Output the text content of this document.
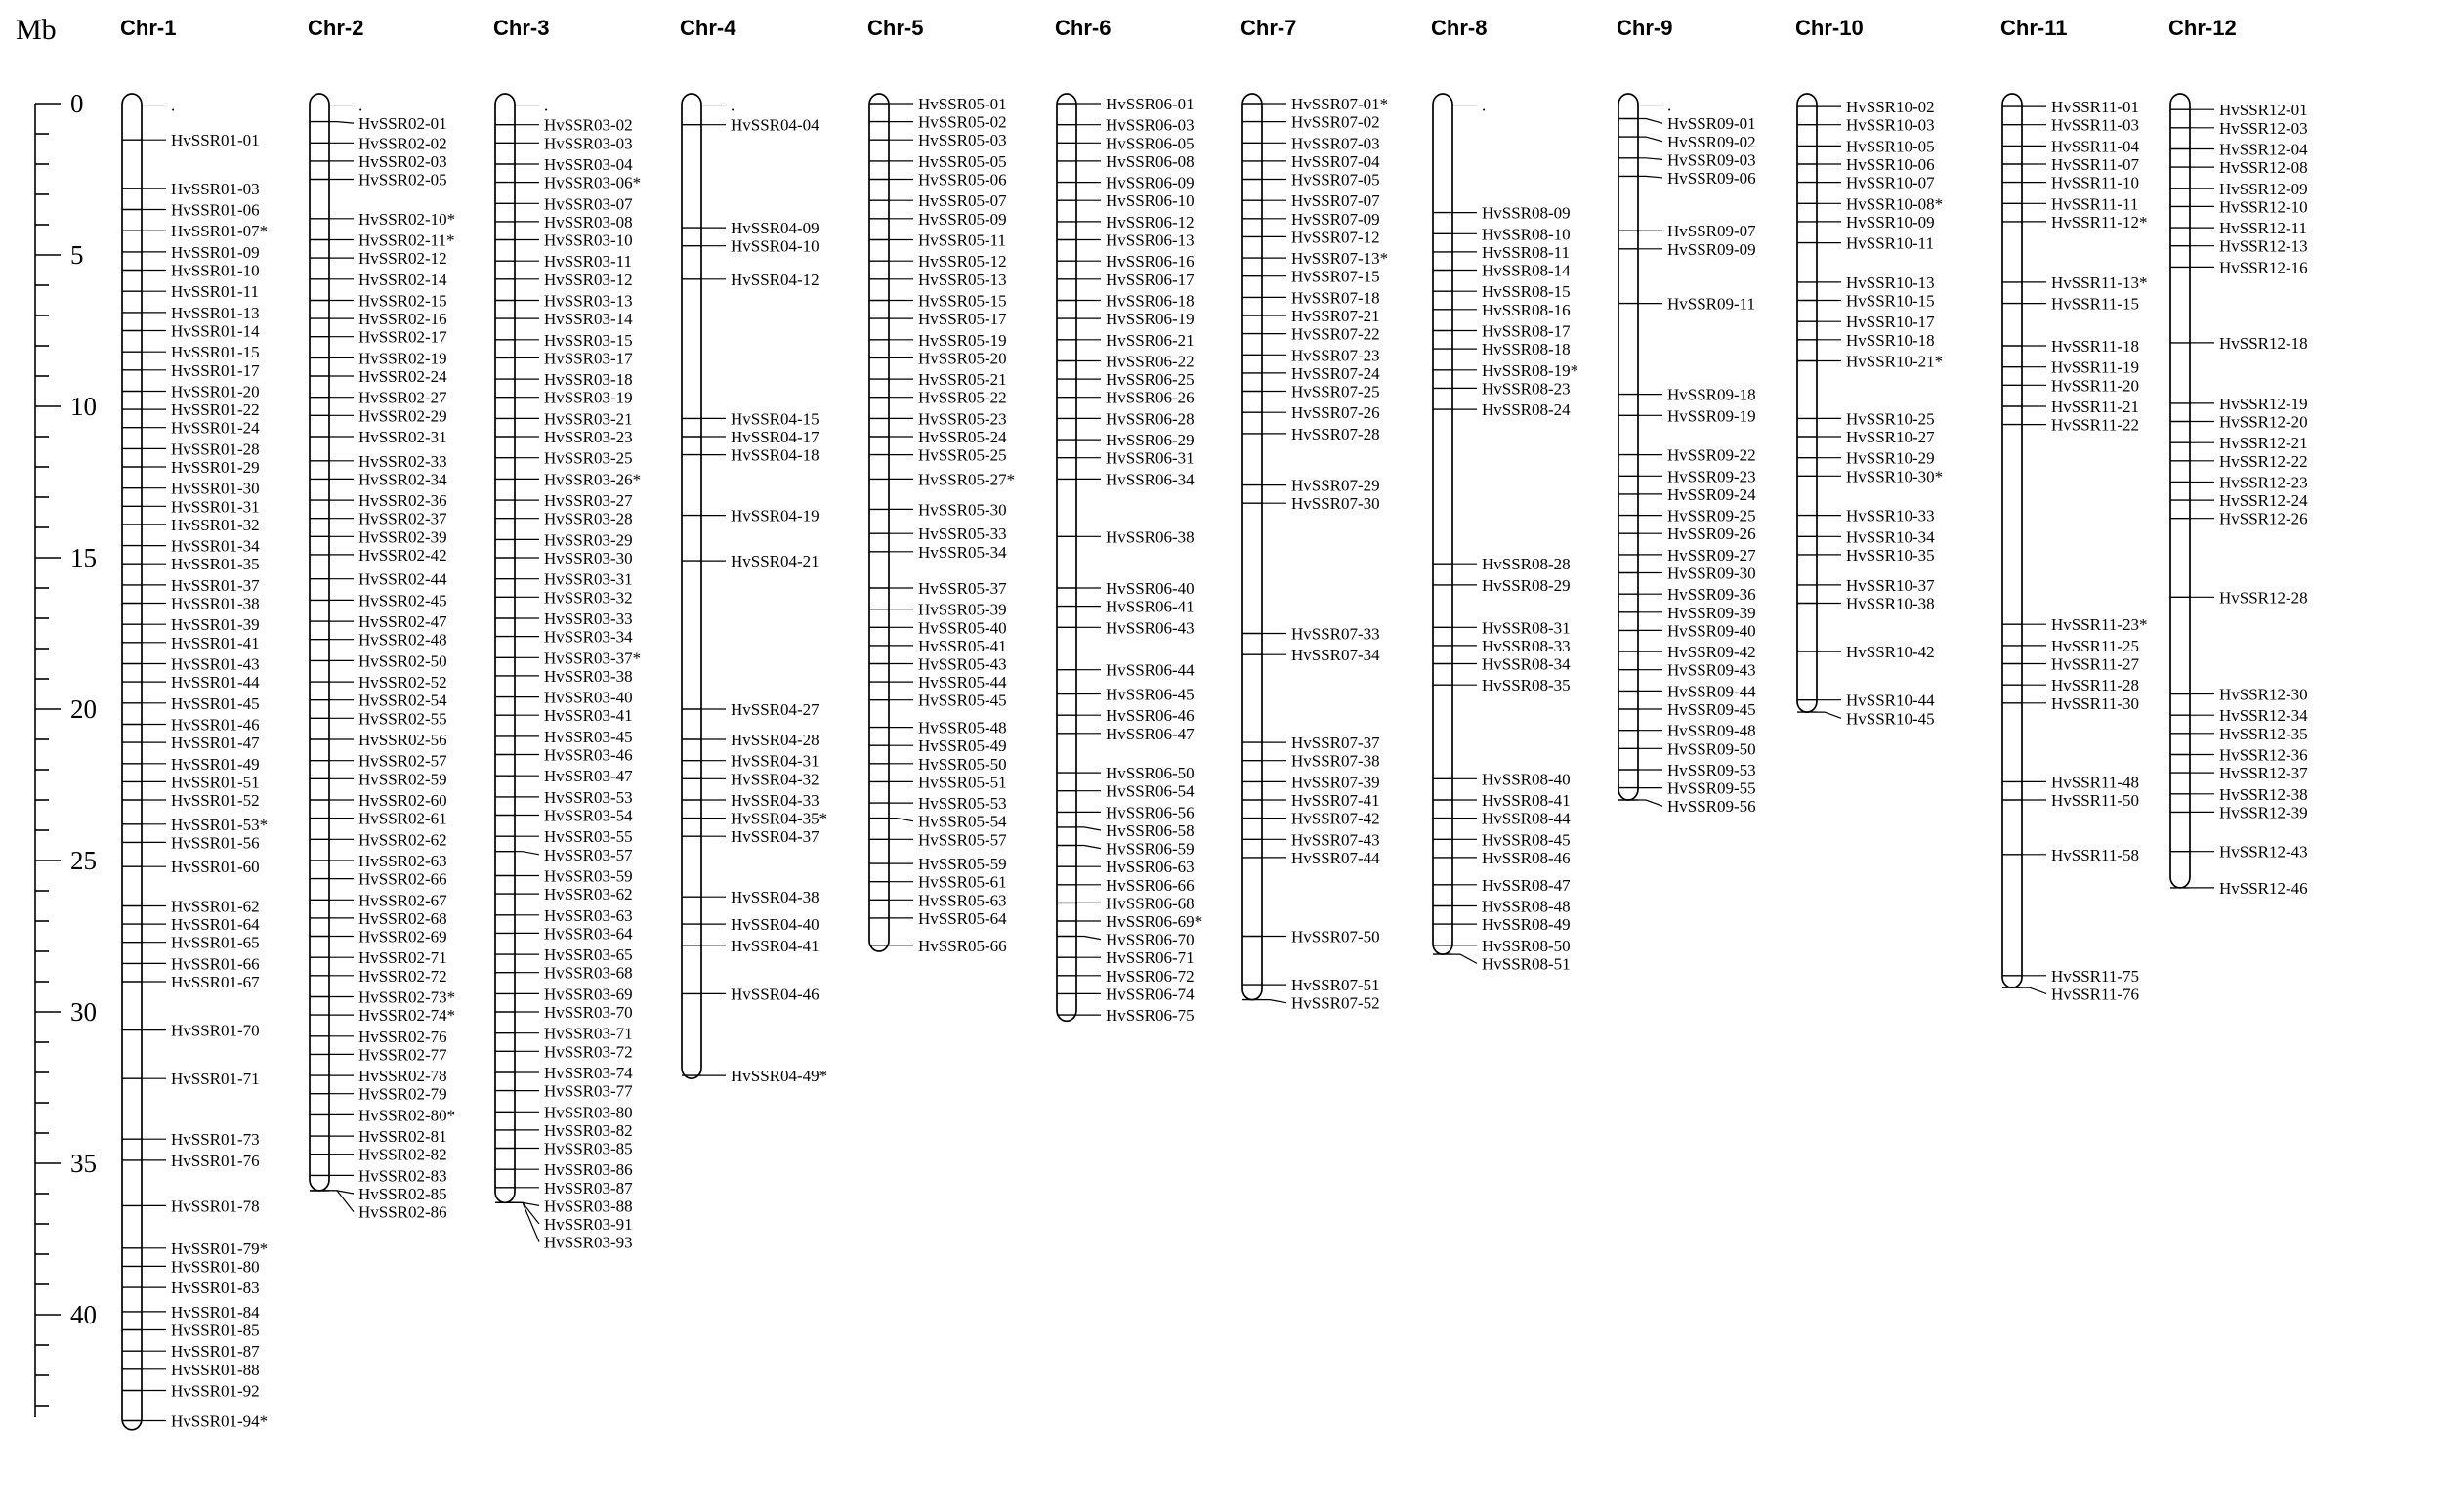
Mb	Chr-1	Chr-2	Chr-3	Chr-4	Chr-5	Chr-6	Chr-7	Chr-8	Chr-9	Chr-10	Chr-11	Chr-12
0
5
10
15
20
25
30
35
40
.
HvSSR01-01
HvSSR01-03
HvSSR01-06
HvSSR01-07*
HvSSR01-09
HvSSR01-10
HvSSR01-11
HvSSR01-13
HvSSR01-14
HvSSR01-15
HvSSR01-17
HvSSR01-20
HvSSR01-22
HvSSR01-24
HvSSR01-28
HvSSR01-29
HvSSR01-30
HvSSR01-31
HvSSR01-32
HvSSR01-34
HvSSR01-35
HvSSR01-37
HvSSR01-38
HvSSR01-39
HvSSR01-41
HvSSR01-43
HvSSR01-44
HvSSR01-45
HvSSR01-46
HvSSR01-47
HvSSR01-49
HvSSR01-51
HvSSR01-52
HvSSR01-53*
HvSSR01-56
HvSSR01-60
HvSSR01-62
HvSSR01-64
HvSSR01-65
HvSSR01-66
HvSSR01-67
HvSSR01-70
HvSSR01-71
HvSSR01-73
HvSSR01-76
HvSSR01-78
HvSSR01-79*
HvSSR01-80
HvSSR01-83
HvSSR01-84
HvSSR01-85
HvSSR01-87
HvSSR01-88
HvSSR01-92
HvSSR01-94*
.
HvSSR02-01
HvSSR02-02
HvSSR02-03
HvSSR02-05
HvSSR02-10*
HvSSR02-11*
HvSSR02-12
HvSSR02-14
HvSSR02-15
HvSSR02-16
HvSSR02-17
HvSSR02-19
HvSSR02-24
HvSSR02-27
HvSSR02-29
HvSSR02-31
HvSSR02-33
HvSSR02-34
HvSSR02-36
HvSSR02-37
HvSSR02-39
HvSSR02-42
HvSSR02-44
HvSSR02-45
HvSSR02-47
HvSSR02-48
HvSSR02-50
HvSSR02-52
HvSSR02-54
HvSSR02-55
HvSSR02-56
HvSSR02-57
HvSSR02-59
HvSSR02-60
HvSSR02-61
HvSSR02-62
HvSSR02-63
HvSSR02-66
HvSSR02-67
HvSSR02-68
HvSSR02-69
HvSSR02-71
HvSSR02-72
HvSSR02-73*
HvSSR02-74*
HvSSR02-76
HvSSR02-77
HvSSR02-78
HvSSR02-79
HvSSR02-80*
HvSSR02-81
HvSSR02-82
HvSSR02-83
HvSSR02-85
HvSSR02-86
.
HvSSR03-02
HvSSR03-03
HvSSR03-04
HvSSR03-06*
HvSSR03-07
HvSSR03-08
HvSSR03-10
HvSSR03-11
HvSSR03-12
HvSSR03-13
HvSSR03-14
HvSSR03-15
HvSSR03-17
HvSSR03-18
HvSSR03-19
HvSSR03-21
HvSSR03-23
HvSSR03-25
HvSSR03-26*
HvSSR03-27
HvSSR03-28
HvSSR03-29
HvSSR03-30
HvSSR03-31
HvSSR03-32
HvSSR03-33
HvSSR03-34
HvSSR03-37*
HvSSR03-38
HvSSR03-40
HvSSR03-41
HvSSR03-45
HvSSR03-46
HvSSR03-47
HvSSR03-53
HvSSR03-54
HvSSR03-55
HvSSR03-57
HvSSR03-59
HvSSR03-62
HvSSR03-63
HvSSR03-64
HvSSR03-65
HvSSR03-68
HvSSR03-69
HvSSR03-70
HvSSR03-71
HvSSR03-72
HvSSR03-74
HvSSR03-77
HvSSR03-80
HvSSR03-82
HvSSR03-85
HvSSR03-86
HvSSR03-87
HvSSR03-88
HvSSR03-91
HvSSR03-93
.
HvSSR04-04
HvSSR04-09
HvSSR04-10
HvSSR04-12
HvSSR04-15
HvSSR04-17
HvSSR04-18
HvSSR04-19
HvSSR04-21
HvSSR04-27
HvSSR04-28
HvSSR04-31
HvSSR04-32
HvSSR04-33
HvSSR04-35*
HvSSR04-37
HvSSR04-38
HvSSR04-40
HvSSR04-41
HvSSR04-46
HvSSR04-49*
HvSSR05-01
HvSSR05-02
HvSSR05-03
HvSSR05-05
HvSSR05-06
HvSSR05-07
HvSSR05-09
HvSSR05-11
HvSSR05-12
HvSSR05-13
HvSSR05-15
HvSSR05-17
HvSSR05-19
HvSSR05-20
HvSSR05-21
HvSSR05-22
HvSSR05-23
HvSSR05-24
HvSSR05-25
HvSSR05-27*
HvSSR05-30
HvSSR05-33
HvSSR05-34
HvSSR05-37
HvSSR05-39
HvSSR05-40
HvSSR05-41
HvSSR05-43
HvSSR05-44
HvSSR05-45
HvSSR05-48
HvSSR05-49
HvSSR05-50
HvSSR05-51
HvSSR05-53
HvSSR05-54
HvSSR05-57
HvSSR05-59
HvSSR05-61
HvSSR05-63
HvSSR05-64
HvSSR05-66
HvSSR06-01
HvSSR06-03
HvSSR06-05
HvSSR06-08
HvSSR06-09
HvSSR06-10
HvSSR06-12
HvSSR06-13
HvSSR06-16
HvSSR06-17
HvSSR06-18
HvSSR06-19
HvSSR06-21
HvSSR06-22
HvSSR06-25
HvSSR06-26
HvSSR06-28
HvSSR06-29
HvSSR06-31
HvSSR06-34
HvSSR06-38
HvSSR06-40
HvSSR06-41
HvSSR06-43
HvSSR06-44
HvSSR06-45
HvSSR06-46
HvSSR06-47
HvSSR06-50
HvSSR06-54
HvSSR06-56
HvSSR06-58
HvSSR06-59
HvSSR06-63
HvSSR06-66
HvSSR06-68
HvSSR06-69*
HvSSR06-70
HvSSR06-71
HvSSR06-72
HvSSR06-74
HvSSR06-75
HvSSR07-01*
HvSSR07-02
HvSSR07-03
HvSSR07-04
HvSSR07-05
HvSSR07-07
HvSSR07-09
HvSSR07-12
HvSSR07-13*
HvSSR07-15
HvSSR07-18
HvSSR07-21
HvSSR07-22
HvSSR07-23
HvSSR07-24
HvSSR07-25
HvSSR07-26
HvSSR07-28
HvSSR07-29
HvSSR07-30
HvSSR07-33
HvSSR07-34
HvSSR07-37
HvSSR07-38
HvSSR07-39
HvSSR07-41
HvSSR07-42
HvSSR07-43
HvSSR07-44
HvSSR07-50
HvSSR07-51
HvSSR07-52
.
HvSSR08-09
HvSSR08-10
HvSSR08-11
HvSSR08-14
HvSSR08-15
HvSSR08-16
HvSSR08-17
HvSSR08-18
HvSSR08-19*
HvSSR08-23
HvSSR08-24
HvSSR08-28
HvSSR08-29
HvSSR08-31
HvSSR08-33
HvSSR08-34
HvSSR08-35
HvSSR08-40
HvSSR08-41
HvSSR08-44
HvSSR08-45
HvSSR08-46
HvSSR08-47
HvSSR08-48
HvSSR08-49
HvSSR08-50
HvSSR08-51
.
HvSSR09-01
HvSSR09-02
HvSSR09-03
HvSSR09-06
HvSSR09-07
HvSSR09-09
HvSSR09-11
HvSSR09-18
HvSSR09-19
HvSSR09-22
HvSSR09-23
HvSSR09-24
HvSSR09-25
HvSSR09-26
HvSSR09-27
HvSSR09-30
HvSSR09-36
HvSSR09-39
HvSSR09-40
HvSSR09-42
HvSSR09-43
HvSSR09-44
HvSSR09-45
HvSSR09-48
HvSSR09-50
HvSSR09-53
HvSSR09-55
HvSSR09-56
HvSSR10-02
HvSSR10-03
HvSSR10-05
HvSSR10-06
HvSSR10-07
HvSSR10-08*
HvSSR10-09
HvSSR10-11
HvSSR10-13
HvSSR10-15
HvSSR10-17
HvSSR10-18
HvSSR10-21*
HvSSR10-25
HvSSR10-27
HvSSR10-29
HvSSR10-30*
HvSSR10-33
HvSSR10-34
HvSSR10-35
HvSSR10-37
HvSSR10-38
HvSSR10-42
HvSSR10-44
HvSSR10-45
HvSSR11-01
HvSSR11-03
HvSSR11-04
HvSSR11-07
HvSSR11-10
HvSSR11-11
HvSSR11-12*
HvSSR11-13*
HvSSR11-15
HvSSR11-18
HvSSR11-19
HvSSR11-20
HvSSR11-21
HvSSR11-22
HvSSR11-23*
HvSSR11-25
HvSSR11-27
HvSSR11-28
HvSSR11-30
HvSSR11-48
HvSSR11-50
HvSSR11-58
HvSSR11-75
HvSSR11-76
HvSSR12-01
HvSSR12-03
HvSSR12-04
HvSSR12-08
HvSSR12-09
HvSSR12-10
HvSSR12-11
HvSSR12-13
HvSSR12-16
HvSSR12-18
HvSSR12-19
HvSSR12-20
HvSSR12-21
HvSSR12-22
HvSSR12-23
HvSSR12-24
HvSSR12-26
HvSSR12-28
HvSSR12-30
HvSSR12-34
HvSSR12-35
HvSSR12-36
HvSSR12-37
HvSSR12-38
HvSSR12-39
HvSSR12-43
HvSSR12-46
